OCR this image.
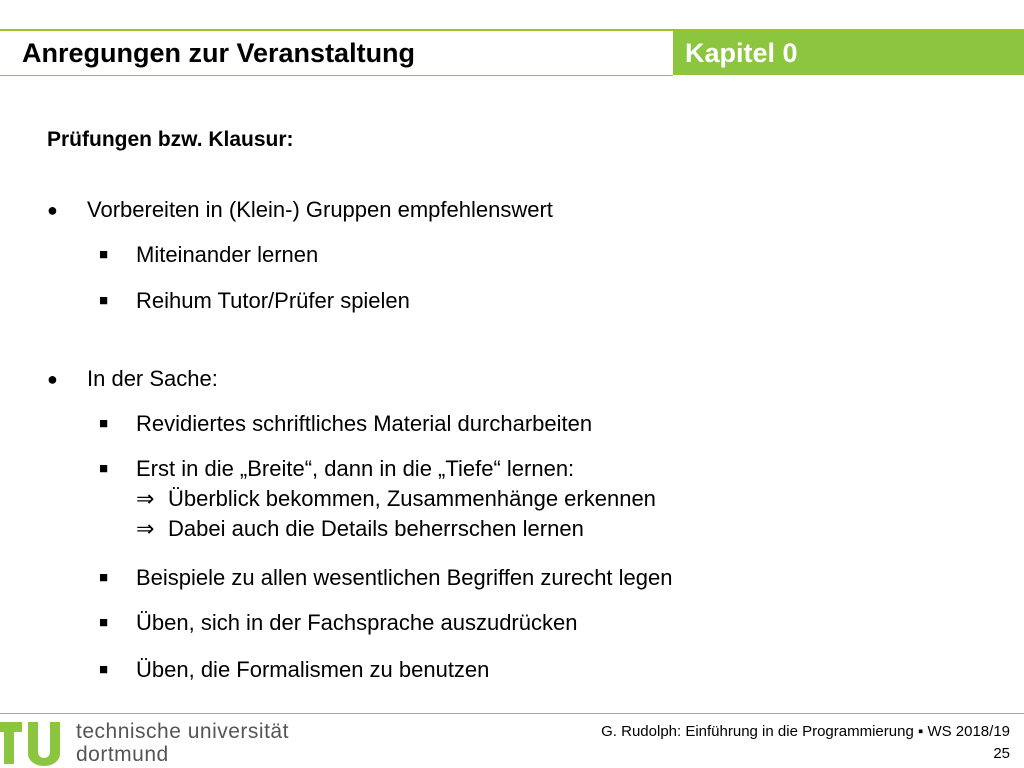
Anregungen zur Veranstaltung	Kapitel 0
Prüfungen bzw. Klausur:
● Vorbereiten in (Klein-) Gruppen empfehlenswert
■ Miteinander lernen
■ Reihum Tutor/Prüfer spielen
● In der Sache:
■ Revidiertes schriftliches Material durcharbeiten
■ Erst in die „Breite“, dann in die „Tiefe“ lernen:
⇒ Überblick bekommen, Zusammenhänge erkennen
⇒ Dabei auch die Details beherrschen lernen
■ Beispiele zu allen wesentlichen Begriffen zurecht legen
■ Üben, sich in der Fachsprache auszudrücken
■ Üben, die Formalismen zu benutzen
technische universität
dortmund
G. Rudolph: Einführung in die Programmierung ▪ WS 2018/19
25
